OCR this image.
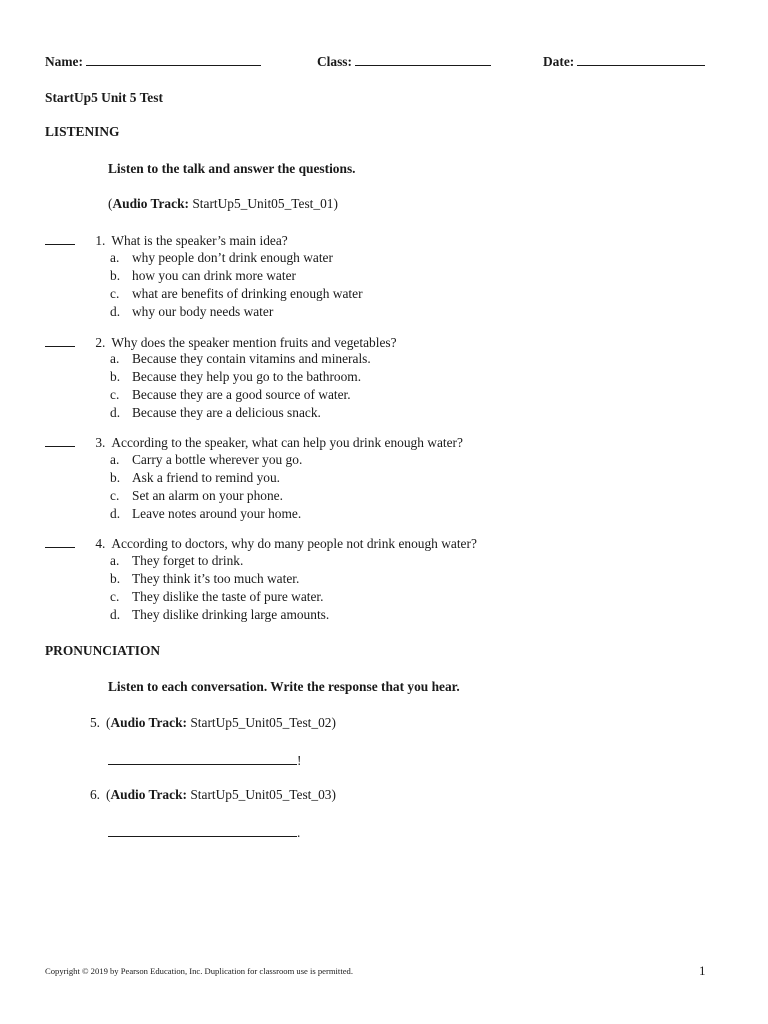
Name:	Class:	Date:
StartUp5 Unit 5 Test
LISTENING
Listen to the talk and answer the questions.
(Audio Track: StartUp5_Unit05_Test_01)
1. What is the speaker’s main idea?
a. why people don’t drink enough water
b. how you can drink more water
c. what are benefits of drinking enough water
d. why our body needs water
2. Why does the speaker mention fruits and vegetables?
a. Because they contain vitamins and minerals.
b. Because they help you go to the bathroom.
c. Because they are a good source of water.
d. Because they are a delicious snack.
3. According to the speaker, what can help you drink enough water?
a. Carry a bottle wherever you go.
b. Ask a friend to remind you.
c. Set an alarm on your phone.
d. Leave notes around your home.
4. According to doctors, why do many people not drink enough water?
a. They forget to drink.
b. They think it’s too much water.
c. They dislike the taste of pure water.
d. They dislike drinking large amounts.
PRONUNCIATION
Listen to each conversation. Write the response that you hear.
5. (Audio Track: StartUp5_Unit05_Test_02)
!
6. (Audio Track: StartUp5_Unit05_Test_03)
.
Copyright © 2019 by Pearson Education, Inc. Duplication for classroom use is permitted.	1
